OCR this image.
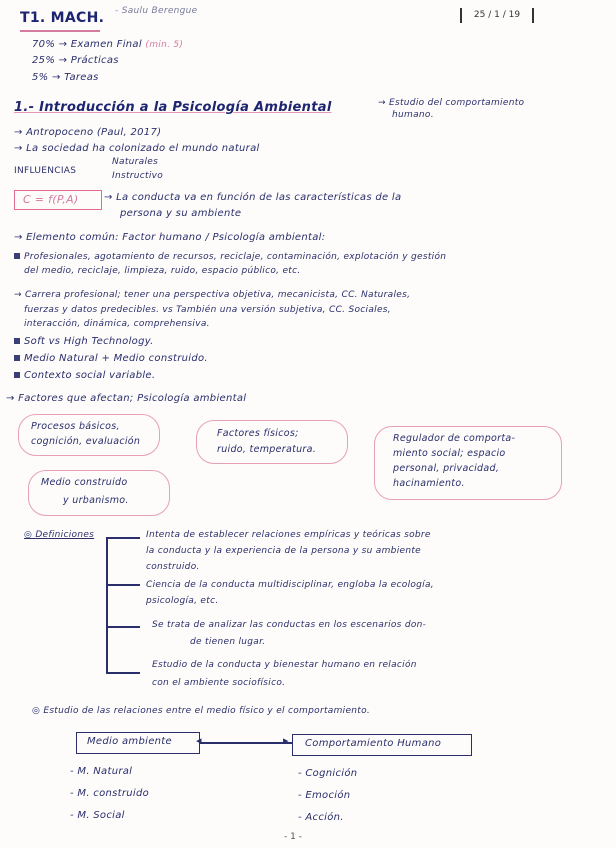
T1. MACH. - Saulu Berengue	25 / 1 / 19
70% → Examen Final (min. 5)
25% → Prácticas
5% → Tareas
1.- Introducción a la Psicología Ambiental	→ Estudio del comportamiento
humano.
→ Antropoceno (Paul, 2017)
→ La sociedad ha colonizado el mundo natural
INFLUENCIAS
Naturales
Instructivo
C = f(P,A)	→ La conducta va en función de las características de la
persona y su ambiente
→ Elemento común: Factor humano / Psicología ambiental:
Profesionales, agotamiento de recursos, reciclaje, contaminación, explotación y gestión
del medio, reciclaje, limpieza, ruido, espacio público, etc.
→ Carrera profesional; tener una perspectiva objetiva, mecanicista, CC. Naturales,
fuerzas y datos predecibles. vs También una versión subjetiva, CC. Sociales,
interacción, dinámica, comprehensiva.
Soft vs High Technology.
Medio Natural + Medio construido.
Contexto social variable.
→ Factores que afectan; Psicología ambiental
Procesos básicos,
cognición, evaluación
Factores físicos;
ruido, temperatura.
Regulador de comporta-
miento social; espacio
personal, privacidad,
hacinamiento.
Medio construido
y urbanismo.
◎ Definiciones	Intenta de establecer relaciones empíricas y teóricas sobre
la conducta y la experiencia de la persona y su ambiente
construido.
Ciencia de la conducta multidisciplinar, engloba la ecología,
psicología, etc.
Se trata de analizar las conductas en los escenarios don-
de tienen lugar.
Estudio de la conducta y bienestar humano en relación
con el ambiente sociofísico.
◎ Estudio de las relaciones entre el medio físico y el comportamiento.
Medio ambiente ◂	▸ Comportamiento Humano
- M. Natural
- M. construido
- M. Social
- Cognición
- Emoción
- Acción.
- 1 -
